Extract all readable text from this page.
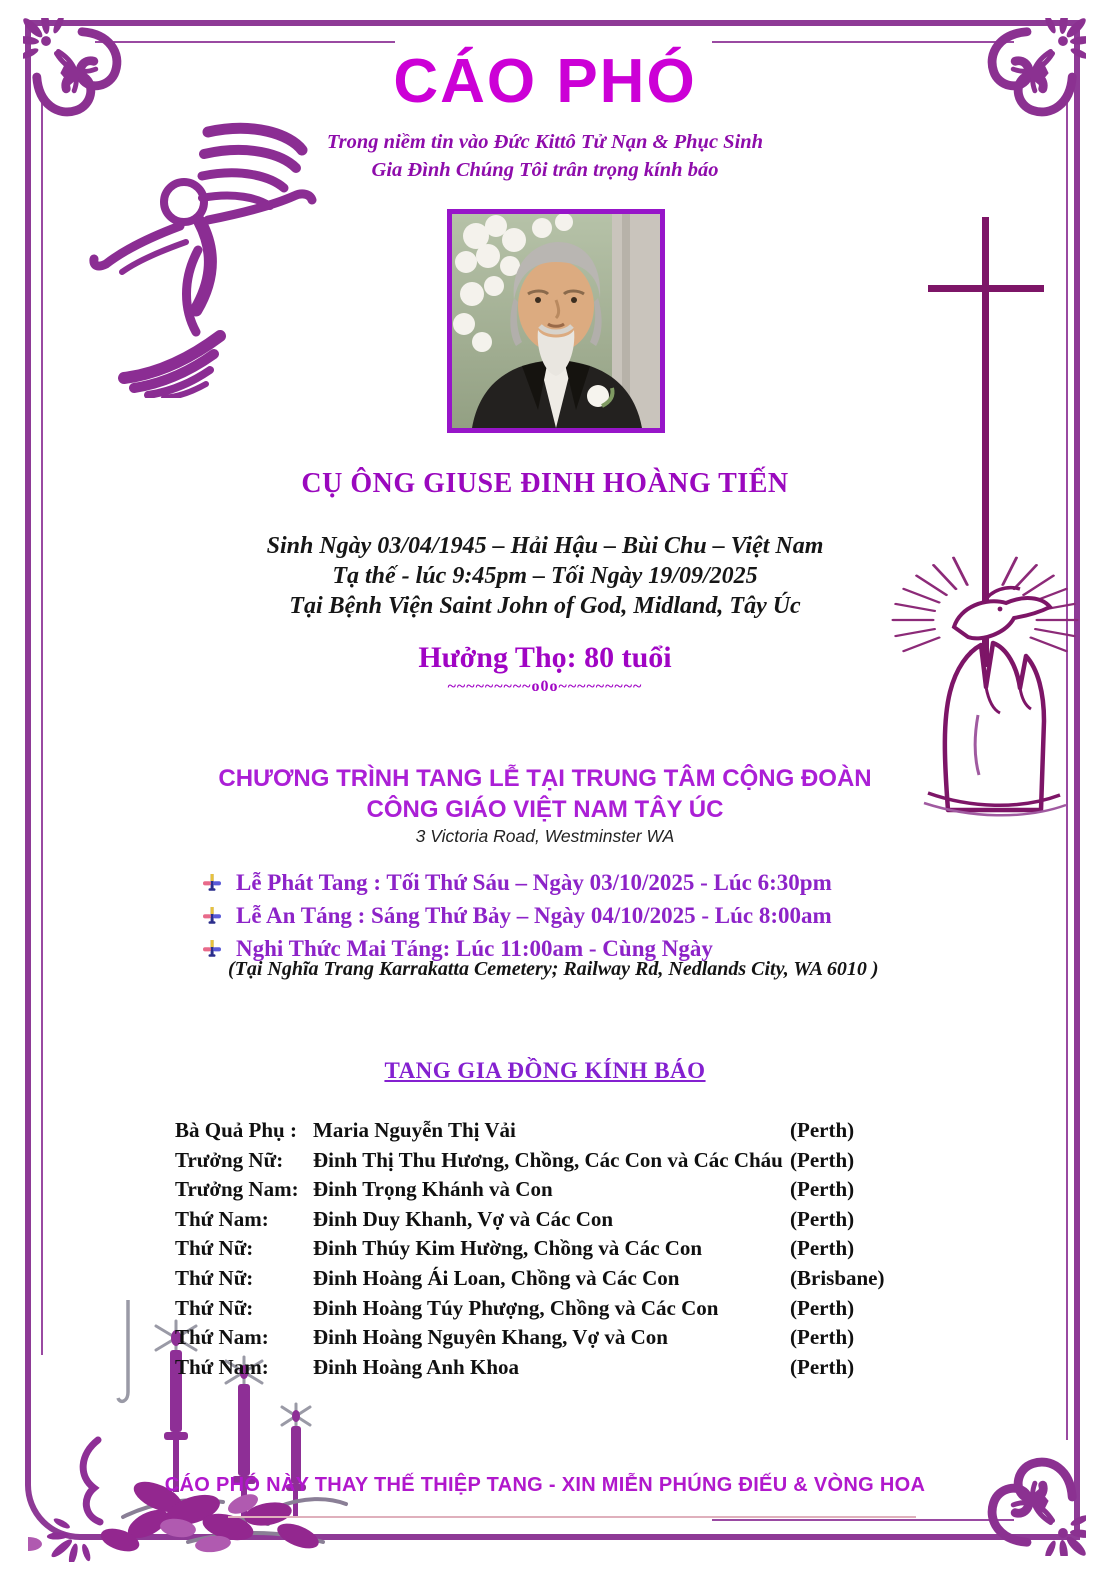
CÁO PHÓ
Trong niềm tin vào Đức Kittô Tử Nạn & Phục Sinh
Gia Đình Chúng Tôi trân trọng kính báo
CỤ ÔNG GIUSE ĐINH HOÀNG TIẾN
Sinh Ngày 03/04/1945 – Hải Hậu – Bùi Chu – Việt Nam
Tạ thế - lúc 9:45pm – Tối Ngày 19/09/2025
Tại Bệnh Viện Saint John of God, Midland, Tây Úc
Hưởng Thọ: 80 tuổi
~~~~~~~~~o0o~~~~~~~~~
CHƯƠNG TRÌNH TANG LỄ TẠI TRUNG TÂM CỘNG ĐOÀN
CÔNG GIÁO VIỆT NAM TÂY ÚC
3 Victoria Road, Westminster WA
Lễ Phát Tang : Tối Thứ Sáu – Ngày 03/10/2025 - Lúc 6:30pm
Lễ An Táng : Sáng Thứ Bảy – Ngày 04/10/2025 - Lúc 8:00am
Nghi Thức Mai Táng: Lúc 11:00am - Cùng Ngày
(Tại Nghĩa Trang Karrakatta Cemetery; Railway Rd, Nedlands City, WA 6010 )
TANG GIA ĐỒNG KÍNH BÁO
Bà Quả Phụ : Maria Nguyễn Thị Vải	(Perth)
Trưởng Nữ:	Đinh Thị Thu Hương, Chồng, Các Con và Các Cháu (Perth)
Trưởng Nam: Đinh Trọng Khánh và Con	(Perth)
Thứ Nam:	Đinh Duy Khanh, Vợ và Các Con	(Perth)
Thứ Nữ:	Đinh Thúy Kim Hường, Chồng và Các Con	(Perth)
Thứ Nữ:	Đinh Hoàng Ái Loan, Chồng và Các Con	(Brisbane)
Thứ Nữ:	Đinh Hoàng Túy Phượng, Chồng và Các Con	(Perth)
Thứ Nam:	Đinh Hoàng Nguyên Khang, Vợ và Con	(Perth)
Thứ Nam:	Đinh Hoàng Anh Khoa	(Perth)
CÁO PHÓ NÀY THAY THẾ THIỆP TANG - XIN MIỄN PHÚNG ĐIẾU & VÒNG HOA
